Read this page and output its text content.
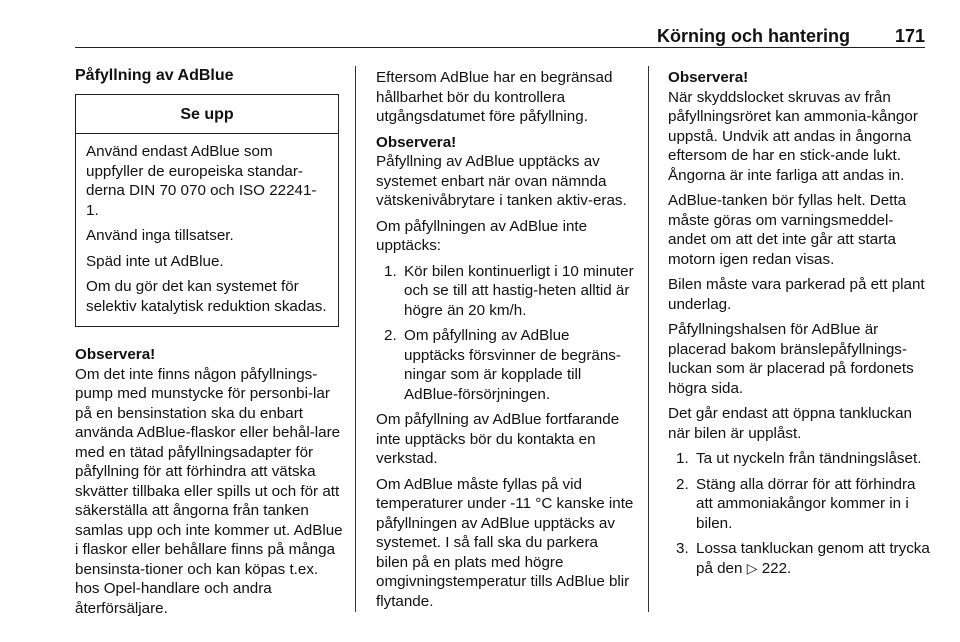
Körning och hantering	171
Påfyllning av AdBlue
Se upp

Använd endast AdBlue som uppfyller de europeiska standar-derna DIN 70 070 och ISO 22241-1.

Använd inga tillsatser.

Späd inte ut AdBlue.

Om du gör det kan systemet för selektiv katalytisk reduktion skadas.

Observera!

Om det inte finns någon påfyllnings-pump med munstycke för personbi-lar på en bensinstation ska du enbart använda AdBlue-flaskor eller behål-lare med en tätad påfyllningsadapter för påfyllning för att förhindra att vätska skvätter tillbaka eller spills ut och för att säkerställa att ångorna från tanken samlas upp och inte kommer ut. AdBlue i flaskor eller behållare finns på många bensinsta-tioner och kan köpas t.ex. hos Opel-handlare och andra återförsäljare.

Eftersom AdBlue har en begränsad hållbarhet bör du kontrollera utgångsdatumet före påfyllning.

Observera!

Påfyllning av AdBlue upptäcks av systemet enbart när ovan nämnda vätskenivåbrytare i tanken aktiv-eras.

Om påfyllningen av AdBlue inte upptäcks:

1. Kör bilen kontinuerligt i 10 minuter och se till att hastig-heten alltid är högre än 20 km/h.
2. Om påfyllning av AdBlue upptäcks försvinner de begräns-ningar som är kopplade till AdBlue-försörjningen.

Om påfyllning av AdBlue fortfarande inte upptäcks bör du kontakta en verkstad.

Om AdBlue måste fyllas på vid temperaturer under -11 °C kanske inte påfyllningen av AdBlue upptäcks av systemet. I så fall ska du parkera bilen på en plats med högre omgivningstemperatur tills AdBlue blir flytande.

Observera!

När skyddslocket skruvas av från påfyllningsröret kan ammonia-kångor uppstå. Undvik att andas in ångorna eftersom de har en stick-ande lukt. Ångorna är inte farliga att andas in.

AdBlue-tanken bör fyllas helt. Detta måste göras om varningsmeddel-andet om att det inte går att starta motorn igen redan visas.

Bilen måste vara parkerad på ett plant underlag.

Påfyllningshalsen för AdBlue är placerad bakom bränslepåfyllnings-luckan som är placerad på fordonets högra sida.

Det går endast att öppna tankluckan när bilen är upplåst.

1. Ta ut nyckeln från tändningslåset.
2. Stäng alla dörrar för att förhindra att ammoniakångor kommer in i bilen.
3. Lossa tankluckan genom att trycka på den ▷ 222.
